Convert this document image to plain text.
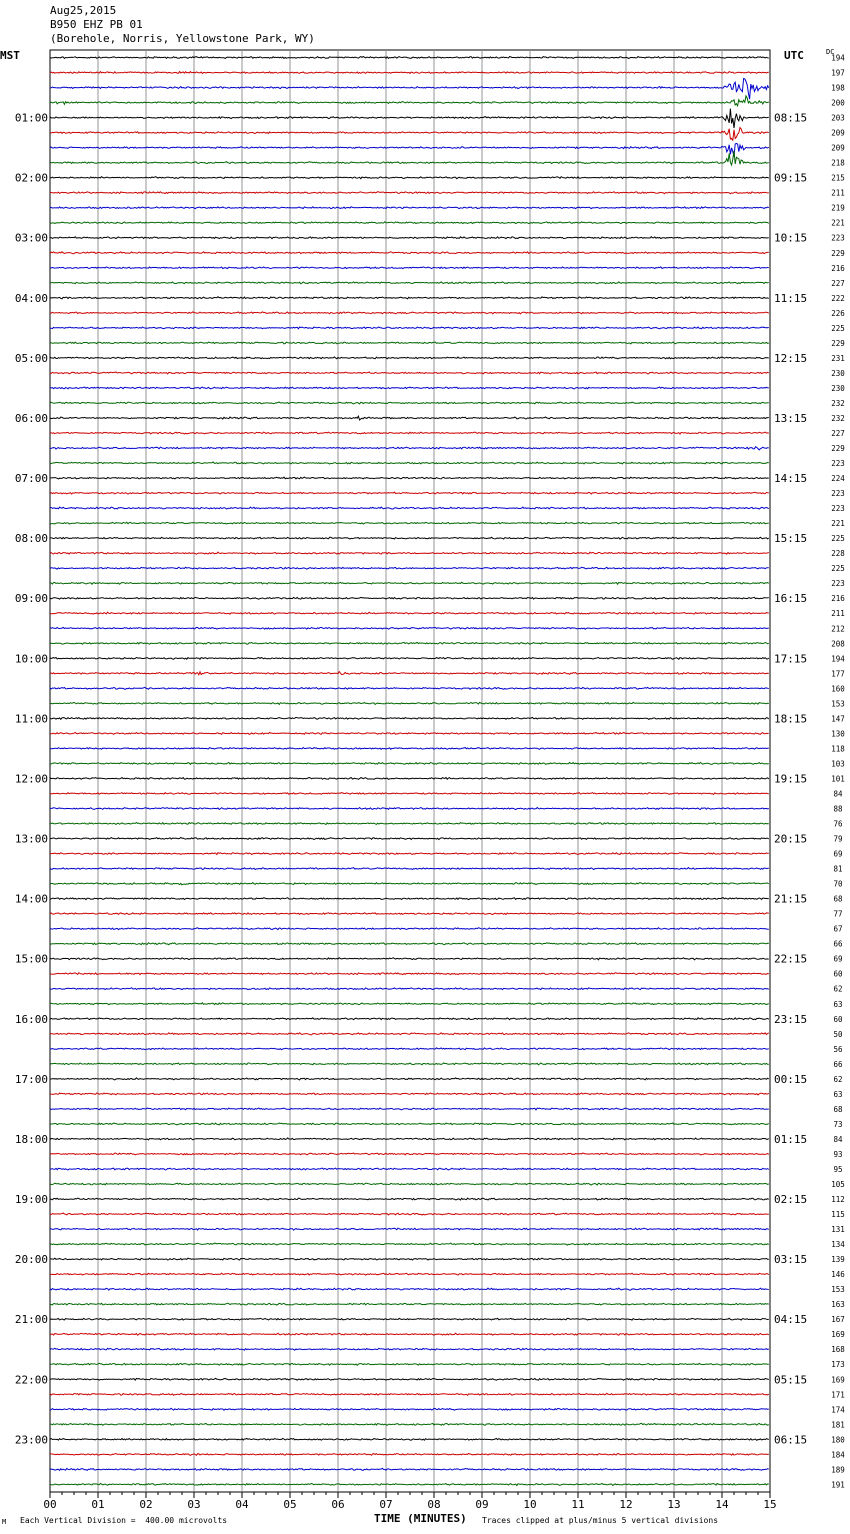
Aug25,2015
B950 EHZ PB 01
(Borehole, Norris, Yellowstone Park, WY)
MST	UTC	DC
00	01	02	03	04	05	06	07	08	09	10	11	12	13	14	15
194
197
198
200
203
209
209
218
215
211
219
221
223
229
216
227
222
226
225
229
231
230
230
232
232
227
229
223
224
223
223
221
225
228
225
223
216
211
212
208
194
177
160
153
147
130
118
103
101
84
88
76
79
69
81
70
68
77
67
66
69
60
62
63
60
50
56
66
62
63
68
73
84
93
95
105
112
115
131
134
139
146
153
163
167
169
168
173
169
171
174
181
180
184
189
191
01:00	08:15
02:00	09:15
03:00	10:15
04:00	11:15
05:00	12:15
06:00	13:15
07:00	14:15
08:00	15:15
09:00	16:15
10:00	17:15
11:00	18:15
12:00	19:15
13:00	20:15
14:00	21:15
15:00	22:15
16:00	23:15
17:00	00:15
18:00	01:15
19:00	02:15
20:00	03:15
21:00	04:15
22:00	05:15
23:00	06:15
TIME (MINUTES)
M Each Vertical Division =  400.00 microvolts	Traces clipped at plus/minus 5 vertical divisions
